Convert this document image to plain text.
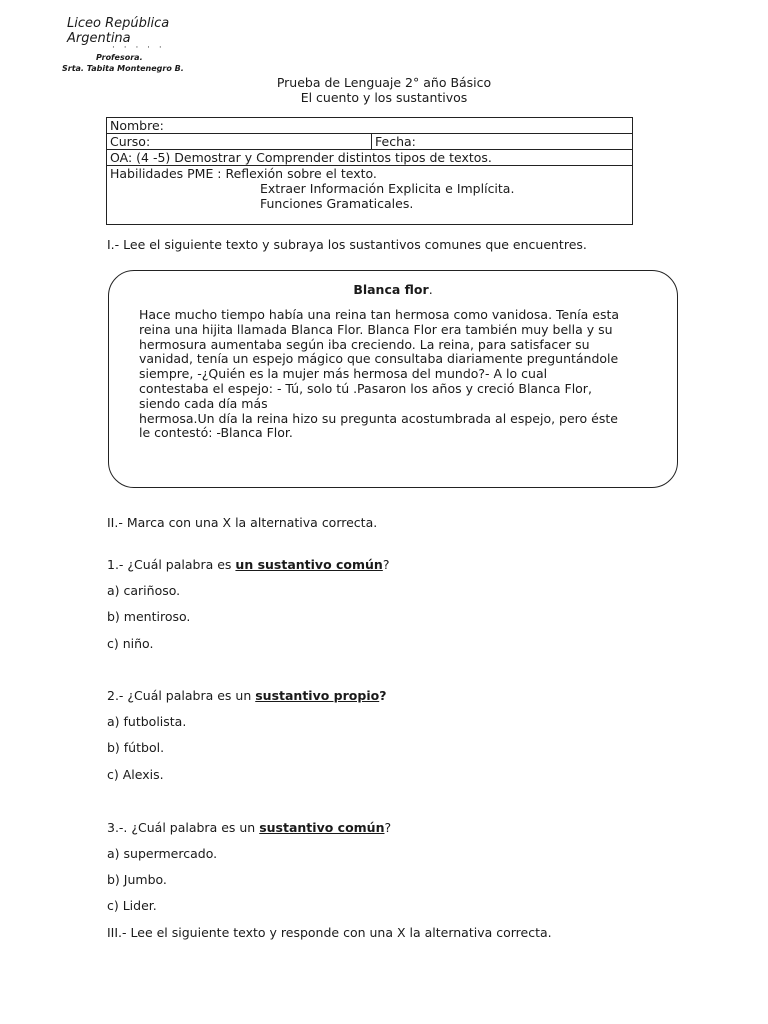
Liceo República
Argentina
· · · · ·
Profesora.
Srta. Tabita Montenegro B.
Prueba de Lenguaje 2° año Básico
El cuento y los sustantivos
Nombre:
Curso:	Fecha:
OA: (4 -5) Demostrar y Comprender distintos tipos de textos.

Habilidades PME : Reflexión sobre el texto.
Extraer Información Explicita e Implícita.
Funciones Gramaticales.
I.- Lee el siguiente texto y subraya los sustantivos comunes que encuentres.
Blanca flor.
Hace mucho tiempo había una reina tan hermosa como vanidosa. Tenía esta
reina una hijita llamada Blanca Flor. Blanca Flor era también muy bella y su
hermosura aumentaba según iba creciendo. La reina, para satisfacer su
vanidad, tenía un espejo mágico que consultaba diariamente preguntándole
siempre, -¿Quién es la mujer más hermosa del mundo?- A lo cual
contestaba el espejo: - Tú, solo tú .Pasaron los años y creció Blanca Flor,
siendo cada día más
hermosa.Un día la reina hizo su pregunta acostumbrada al espejo, pero éste
le contestó: -Blanca Flor.
II.- Marca con una X la alternativa correcta.
1.- ¿Cuál palabra es un sustantivo común?
a) cariñoso.
b) mentiroso.
c) niño.
2.- ¿Cuál palabra es un sustantivo propio?
a) futbolista.
b) fútbol.
c) Alexis.
3.-. ¿Cuál palabra es un sustantivo común?
a) supermercado.
b) Jumbo.
c) Lider.
III.- Lee el siguiente texto y responde con una X la alternativa correcta.
